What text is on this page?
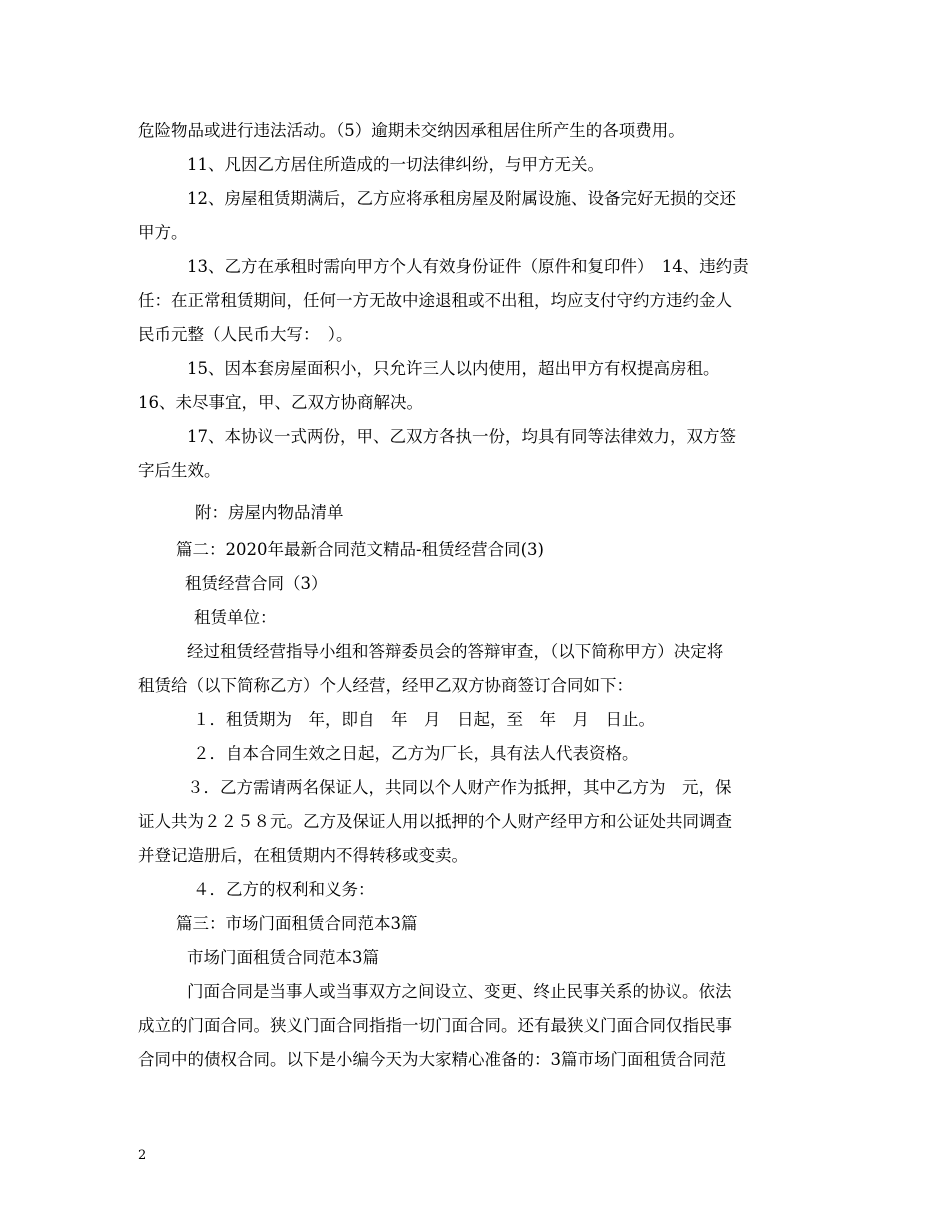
危险物品或进行违法活动。（5）逾期未交纳因承租居住所产生的各项费用。
11、凡因乙方居住所造成的一切法律纠纷，与甲方无关。
12、房屋租赁期满后，乙方应将承租房屋及附属设施、设备完好无损的交还
甲方。
13、乙方在承租时需向甲方个人有效身份证件（原件和复印件）　14、违约责
任：在正常租赁期间，任何一方无故中途退租或不出租，均应支付守约方违约金人
民币元整（人民币大写：　）。
15、因本套房屋面积小，只允许三人以内使用，超出甲方有权提高房租。
16、未尽事宜，甲、乙双方协商解决。
17、本协议一式两份，甲、乙双方各执一份，均具有同等法律效力，双方签
字后生效。
附：房屋内物品清单
篇二：2020年最新合同范文精品-租赁经营合同(3)
租赁经营合同（3）
租赁单位：
经过租赁经营指导小组和答辩委员会的答辩审查，（以下简称甲方）决定将
租赁给（以下简称乙方）个人经营，经甲乙双方协商签订合同如下：
１．租赁期为　年，即自　年　月　日起，至　年　月　日止。
２．自本合同生效之日起，乙方为厂长，具有法人代表资格。
３．乙方需请两名保证人，共同以个人财产作为抵押，其中乙方为　元，保
证人共为２２５８元。乙方及保证人用以抵押的个人财产经甲方和公证处共同调查
并登记造册后，在租赁期内不得转移或变卖。
４．乙方的权利和义务：
篇三：市场门面租赁合同范本3篇
市场门面租赁合同范本3篇
门面合同是当事人或当事双方之间设立、变更、终止民事关系的协议。依法
成立的门面合同。狭义门面合同指指一切门面合同。还有最狭义门面合同仅指民事
合同中的债权合同。以下是小编今天为大家精心准备的：3篇市场门面租赁合同范
2
